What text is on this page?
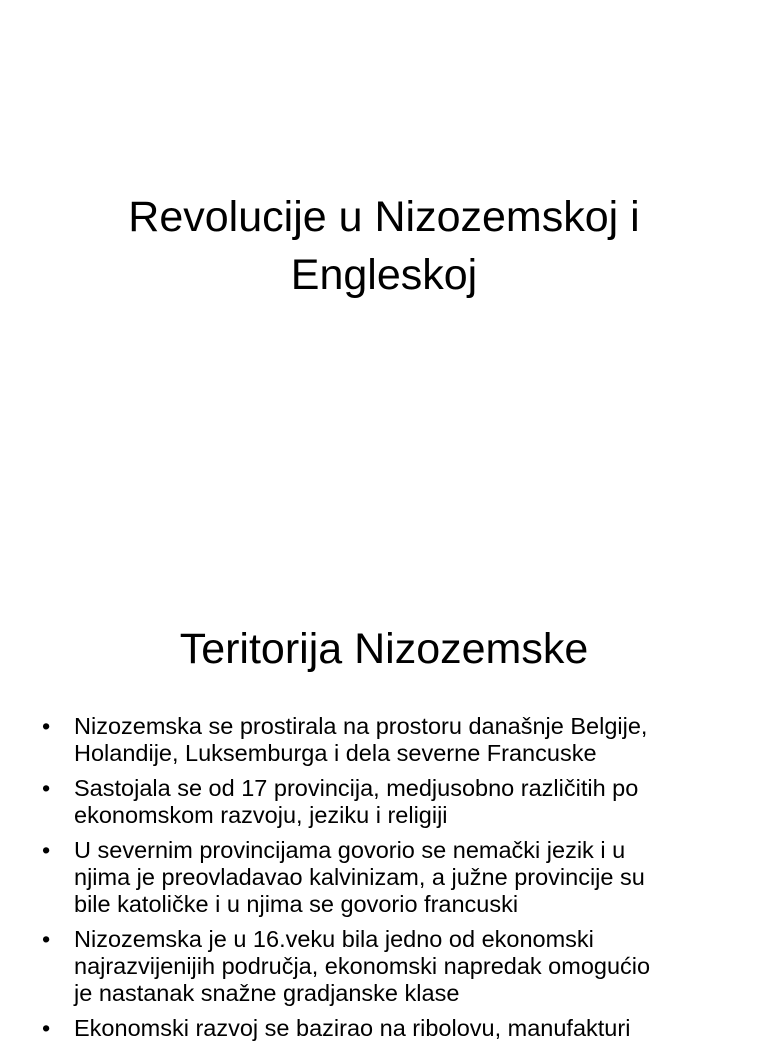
Revolucije u Nizozemskoj i
Engleskoj
Teritorija Nizozemske
• Nizozemska se prostirala na prostoru današnje Belgije,
Holandije, Luksemburga i dela severne Francuske
• Sastojala se od 17 provincija, medjusobno različitih po
ekonomskom razvoju, jeziku i religiji
• U severnim provincijama govorio se nemački jezik i u
njima je preovladavao kalvinizam, a južne provincije su
bile katoličke i u njima se govorio francuski
• Nizozemska je u 16.veku bila jedno od ekonomski
najrazvijenijih područja, ekonomski napredak omogućio
je nastanak snažne gradjanske klase
• Ekonomski razvoj se bazirao na ribolovu, manufakturi
